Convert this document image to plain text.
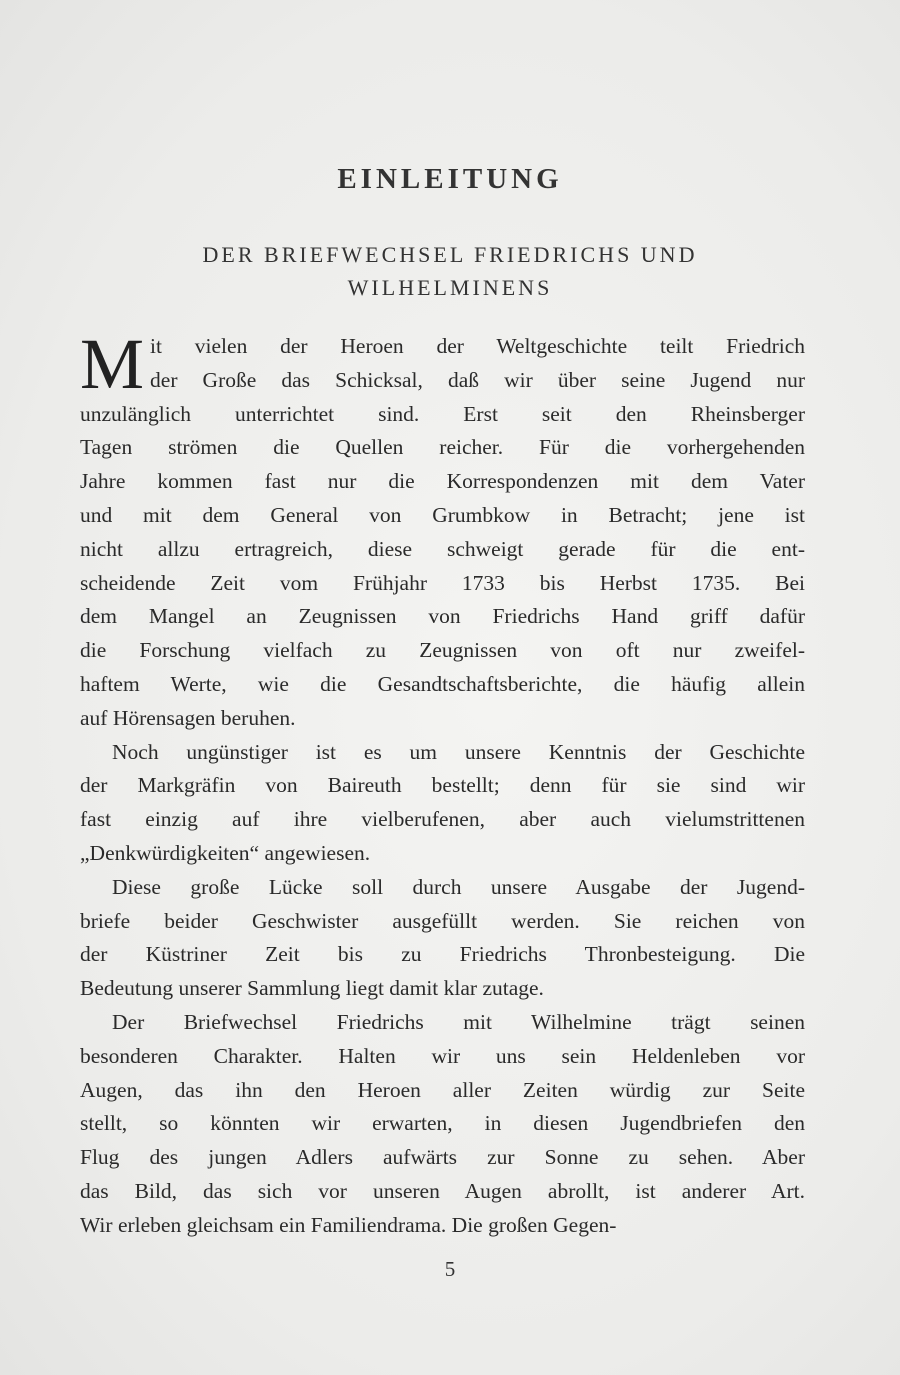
EINLEITUNG
DER BRIEFWECHSEL FRIEDRICHS UND
WILHELMINENS
M it vielen der Heroen der Weltgeschichte teilt Friedrich
der Große das Schicksal, daß wir über seine Jugend nur
unzulänglich unterrichtet sind. Erst seit den Rheinsberger
Tagen strömen die Quellen reicher. Für die vorhergehenden
Jahre kommen fast nur die Korrespondenzen mit dem Vater
und mit dem General von Grumbkow in Betracht; jene ist
nicht allzu ertragreich, diese schweigt gerade für die ent-
scheidende Zeit vom Frühjahr 1733 bis Herbst 1735. Bei
dem Mangel an Zeugnissen von Friedrichs Hand griff dafür
die Forschung vielfach zu Zeugnissen von oft nur zweifel-
haftem Werte, wie die Gesandtschaftsberichte, die häufig allein
auf Hörensagen beruhen.
Noch ungünstiger ist es um unsere Kenntnis der Geschichte
der Markgräfin von Baireuth bestellt; denn für sie sind wir
fast einzig auf ihre vielberufenen, aber auch vielumstrittenen
„Denkwürdigkeiten“ angewiesen.
Diese große Lücke soll durch unsere Ausgabe der Jugend-
briefe beider Geschwister ausgefüllt werden. Sie reichen von
der Küstriner Zeit bis zu Friedrichs Thronbesteigung. Die
Bedeutung unserer Sammlung liegt damit klar zutage.
Der Briefwechsel Friedrichs mit Wilhelmine trägt seinen
besonderen Charakter. Halten wir uns sein Heldenleben vor
Augen, das ihn den Heroen aller Zeiten würdig zur Seite
stellt, so könnten wir erwarten, in diesen Jugendbriefen den
Flug des jungen Adlers aufwärts zur Sonne zu sehen. Aber
das Bild, das sich vor unseren Augen abrollt, ist anderer Art.
Wir erleben gleichsam ein Familiendrama. Die großen Gegen-
5
